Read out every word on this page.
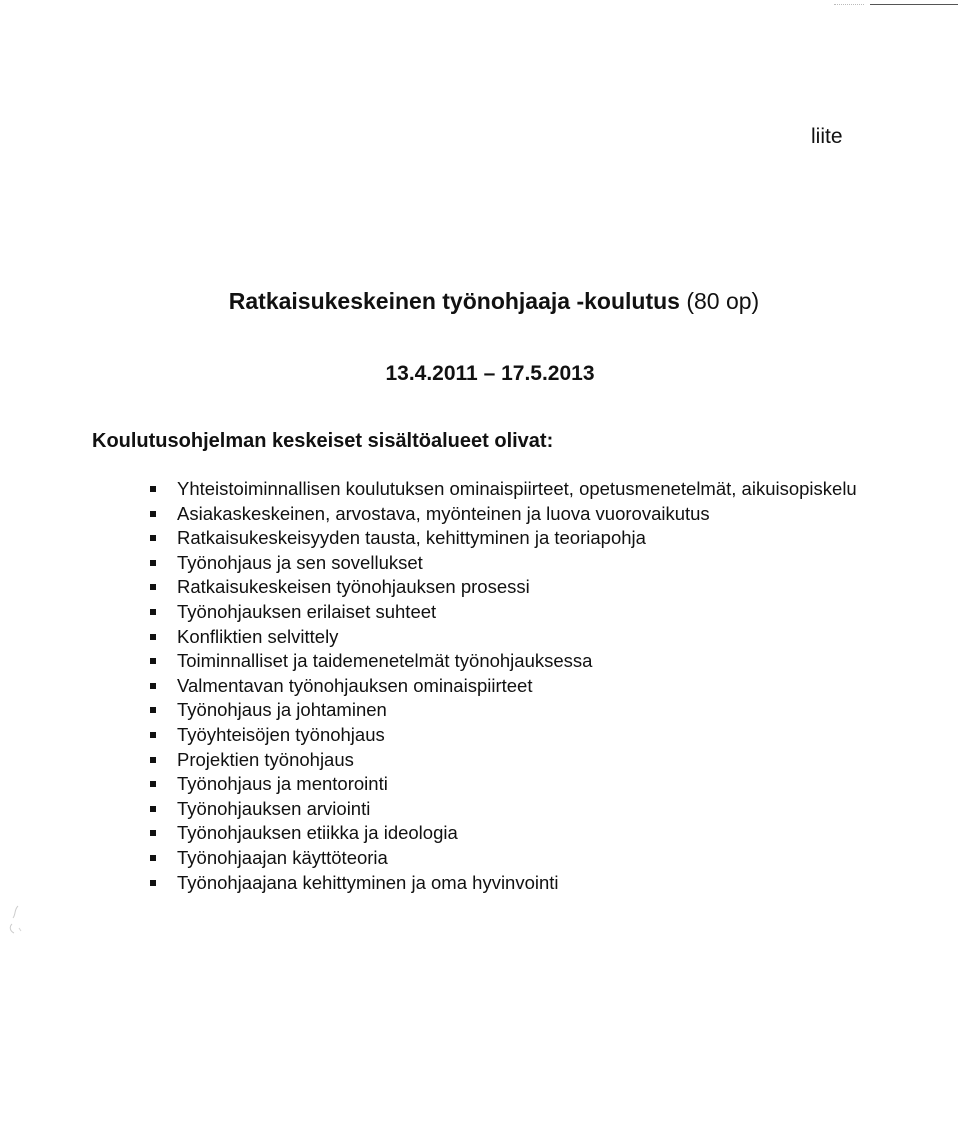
liite
Ratkaisukeskeinen työnohjaaja -koulutus (80 op)
13.4.2011 – 17.5.2013
Koulutusohjelman keskeiset sisältöalueet olivat:
Yhteistoiminnallisen koulutuksen ominaispiirteet, opetusmenetelmät, aikuisopiskelu
Asiakaskeskeinen, arvostava, myönteinen ja luova vuorovaikutus
Ratkaisukeskeisyyden tausta, kehittyminen ja teoriapohja
Työnohjaus ja sen sovellukset
Ratkaisukeskeisen työnohjauksen prosessi
Työnohjauksen erilaiset suhteet
Konfliktien selvittely
Toiminnalliset ja taidemenetelmät työnohjauksessa
Valmentavan työnohjauksen ominaispiirteet
Työnohjaus ja johtaminen
Työyhteisöjen työnohjaus
Projektien työnohjaus
Työnohjaus ja mentorointi
Työnohjauksen arviointi
Työnohjauksen etiikka ja ideologia
Työnohjaajan käyttöteoria
Työnohjaajana kehittyminen ja oma hyvinvointi
